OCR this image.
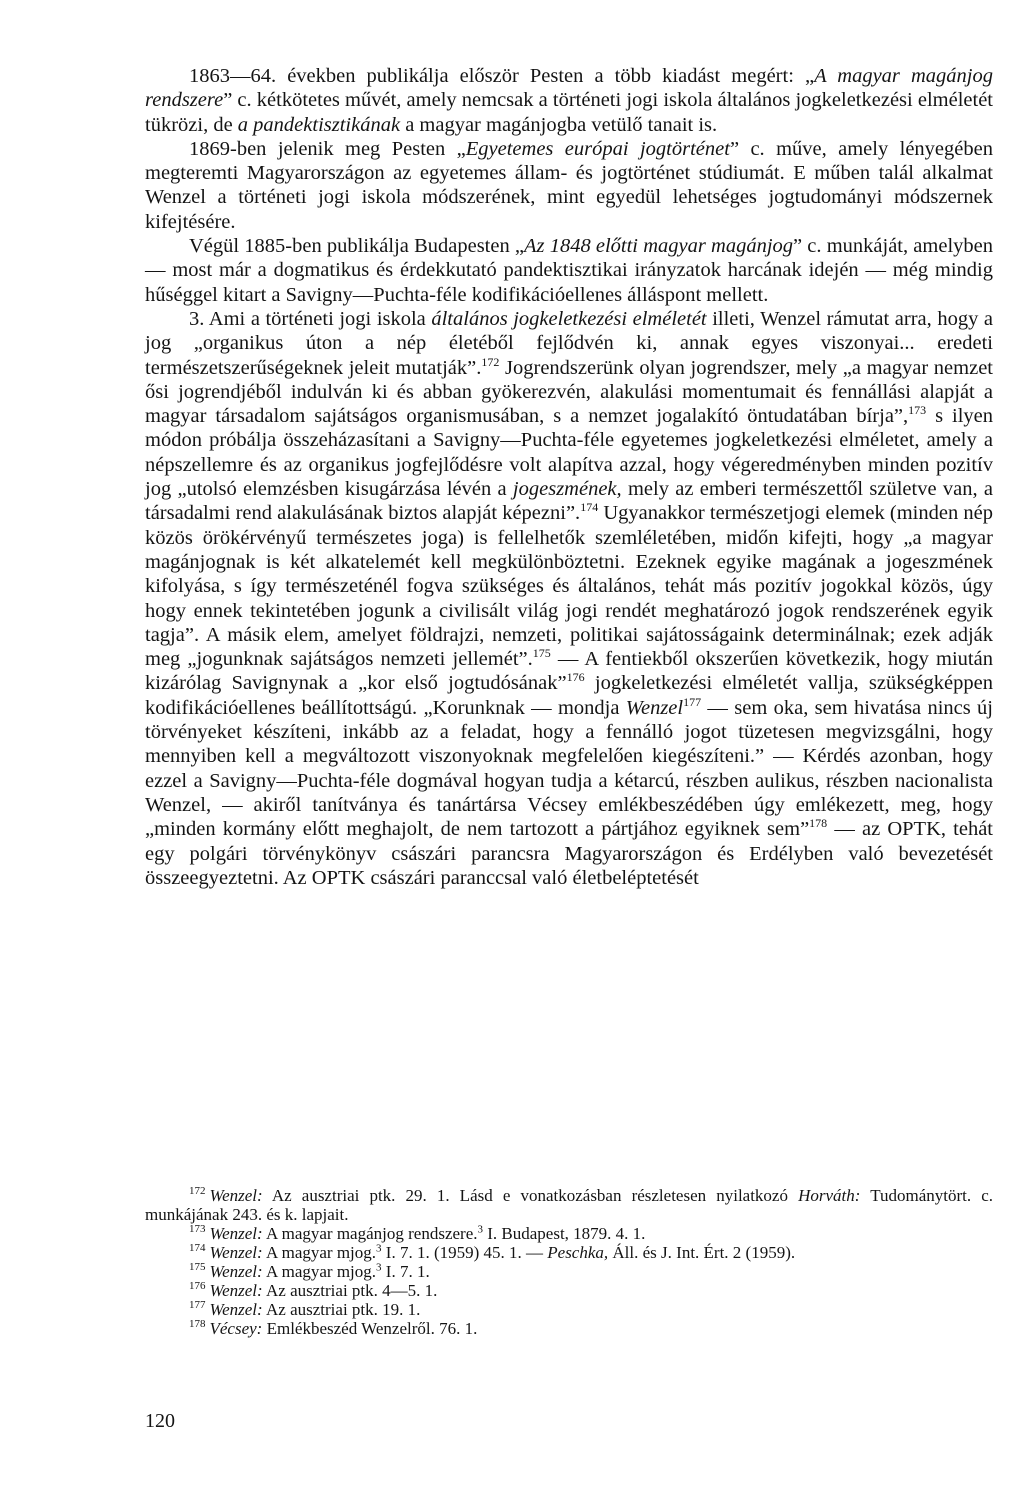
1863—64. években publikálja először Pesten a több kiadást megért: „A magyar magánjog rendszere” c. kétkötetes művét, amely nemcsak a történeti jogi iskola általános jogkeletkezési elméletét tükrözi, de a pandektisztikának a magyar magánjogba vetülő tanait is.

1869-ben jelenik meg Pesten „Egyetemes európai jogtörténet” c. műve, amely lényegében megteremti Magyarországon az egyetemes állam- és jogtörténet stúdiumát. E műben talál alkalmat Wenzel a történeti jogi iskola módszerének, mint egyedül lehetséges jogtudományi módszernek kifejtésére.

Végül 1885-ben publikálja Budapesten „Az 1848 előtti magyar magánjog” c. munkáját, amelyben — most már a dogmatikus és érdekkutató pandektisztikai irányzatok harcának idején — még mindig hűséggel kitart a Savigny—Puchta-féle kodifikációellenes álláspont mellett.

3. Ami a történeti jogi iskola általános jogkeletkezési elméletét illeti, Wenzel rámutat arra, hogy a jog „organikus úton a nép életéből fejlődvén ki, annak egyes viszonyai... eredeti természetszerűségeknek jeleit mutatják”.$^{172}$ Jogrendszerünk olyan jogrendszer, mely „a magyar nemzet ősi jogrendjéből indulván ki és abban gyökerezvén, alakulási momentumait és fennállási alapját a magyar társadalom sajátságos organismusában, s a nemzet jogalakító öntudatában bírja”,$^{173}$ s ilyen módon próbálja összeházasítani a Savigny—Puchta-féle egyetemes jogkeletkezési elméletet, amely a népszellemre és az organikus jogfejlődésre volt alapítva azzal, hogy végeredményben minden pozitív jog „utolsó elemzésben kisugárzása lévén a jogeszmének, mely az emberi természettől születve van, a társadalmi rend alakulásának biztos alapját képezni”.$^{174}$ Ugyanakkor természetjogi elemek (minden nép közös örökérvényű természetes joga) is fellelhetők szemléletében, midőn kifejti, hogy „a magyar magánjognak is két alkatelemét kell megkülönböztetni. Ezeknek egyike magának a jogeszmének kifolyása, s így természeténél fogva szükséges és általános, tehát más pozitív jogokkal közös, úgy hogy ennek tekintetében jogunk a civilisált világ jogi rendét meghatározó jogok rendszerének egyik tagja”. A másik elem, amelyet földrajzi, nemzeti, politikai sajátosságaink determinálnak; ezek adják meg „jogunknak sajátságos nemzeti jellemét”.$^{175}$ — A fentiekből okszerűen következik, hogy miután kizárólag Savignynak a „kor első jogtudósának”$^{176}$ jogkeletkezési elméletét vallja, szükségképpen kodifikációellenes beállítottságú. „Korunknak — mondja Wenzel$^{177}$ — sem oka, sem hivatása nincs új törvényeket készíteni, inkább az a feladat, hogy a fennálló jogot tüzetesen megvizsgálni, hogy mennyiben kell a megváltozott viszonyoknak megfelelően kiegészíteni.” — Kérdés azonban, hogy ezzel a Savigny—Puchta-féle dogmával hogyan tudja a kétarcú, részben aulikus, részben nacionalista Wenzel, — akiről tanítványa és tanártársa Vécsey emlékbeszédében úgy emlékezett, meg, hogy „minden kormány előtt meghajolt, de nem tartozott a pártjához egyiknek sem”$^{178}$ — az OPTK, tehát egy polgári törvénykönyv császári parancsra Magyarországon és Erdélyben való bevezetését összeegyeztetni. Az OPTK császári paranccsal való életbeléptetését

$^{172}$ Wenzel: Az ausztriai ptk. 29. 1. Lásd e vonatkozásban részletesen nyilatkozó Horváth: Tudománytört. c. munkájának 243. és k. lapjait.

$^{173}$ Wenzel: A magyar magánjog rendszere.$^3$ I. Budapest, 1879. 4. 1.

$^{174}$ Wenzel: A magyar mjog.$^3$ I. 7. 1. (1959) 45. 1. — Peschka, Áll. és J. Int. Ért. 2 (1959).

$^{175}$ Wenzel: A magyar mjog.$^3$ I. 7. 1.

$^{176}$ Wenzel: Az ausztriai ptk. 4—5. 1.

$^{177}$ Wenzel: Az ausztriai ptk. 19. 1.

$^{178}$ Vécsey: Emlékbeszéd Wenzelről. 76. 1.

120
